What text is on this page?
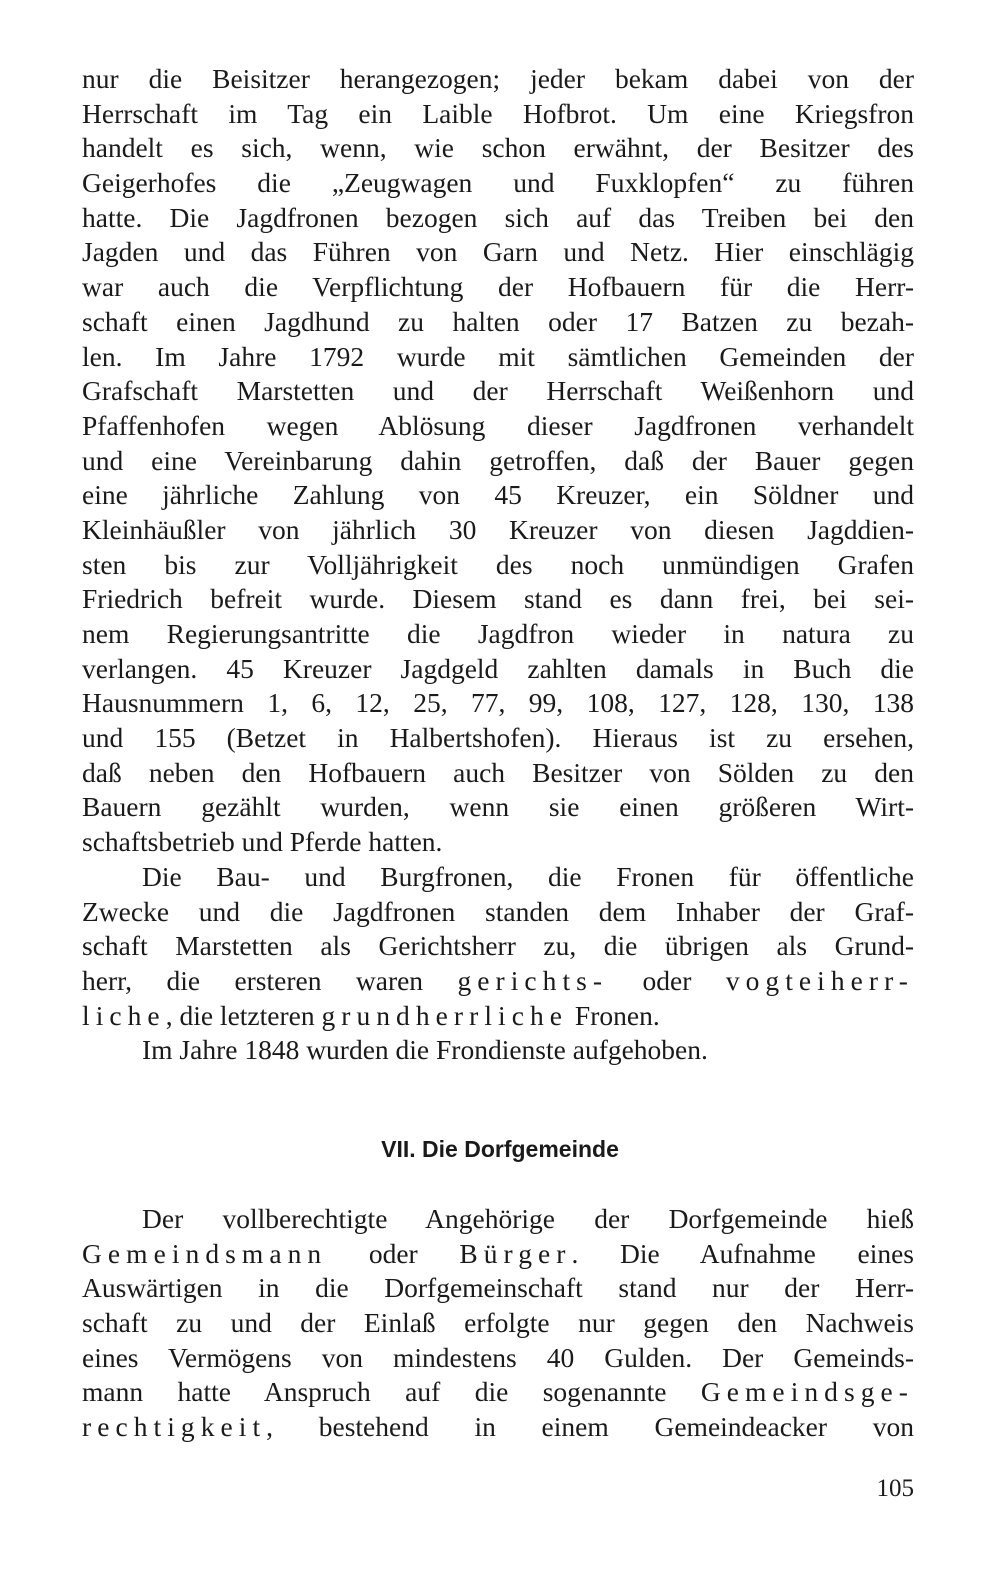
nur die Beisitzer herangezogen; jeder bekam dabei von der
Herrschaft im Tag ein Laible Hofbrot. Um eine Kriegsfron
handelt es sich, wenn, wie schon erwähnt, der Besitzer des
Geigerhofes die „Zeugwagen und Fuxklopfen“ zu führen
hatte. Die Jagdfronen bezogen sich auf das Treiben bei den
Jagden und das Führen von Garn und Netz. Hier einschlägig
war auch die Verpflichtung der Hofbauern für die Herr-
schaft einen Jagdhund zu halten oder 17 Batzen zu bezah-
len. Im Jahre 1792 wurde mit sämtlichen Gemeinden der
Grafschaft Marstetten und der Herrschaft Weißenhorn und
Pfaffenhofen wegen Ablösung dieser Jagdfronen verhandelt
und eine Vereinbarung dahin getroffen, daß der Bauer gegen
eine jährliche Zahlung von 45 Kreuzer, ein Söldner und
Kleinhäußler von jährlich 30 Kreuzer von diesen Jagddien-
sten bis zur Volljährigkeit des noch unmündigen Grafen
Friedrich befreit wurde. Diesem stand es dann frei, bei sei-
nem Regierungsantritte die Jagdfron wieder in natura zu
verlangen. 45 Kreuzer Jagdgeld zahlten damals in Buch die
Hausnummern 1, 6, 12, 25, 77, 99, 108, 127, 128, 130, 138
und 155 (Betzet in Halbertshofen). Hieraus ist zu ersehen,
daß neben den Hofbauern auch Besitzer von Sölden zu den
Bauern gezählt wurden, wenn sie einen größeren Wirt-
schaftsbetrieb und Pferde hatten.
Die Bau- und Burgfronen, die Fronen für öffentliche
Zwecke und die Jagdfronen standen dem Inhaber der Graf-
schaft Marstetten als Gerichtsherr zu, die übrigen als Grund-
herr, die ersteren waren gerichts- oder vogteiherr-
liche, die letzteren grundherrliche Fronen.
Im Jahre 1848 wurden die Frondienste aufgehoben.
VII. Die Dorfgemeinde
Der vollberechtigte Angehörige der Dorfgemeinde hieß
Gemeindsmann oder Bürger. Die Aufnahme eines
Auswärtigen in die Dorfgemeinschaft stand nur der Herr-
schaft zu und der Einlaß erfolgte nur gegen den Nachweis
eines Vermögens von mindestens 40 Gulden. Der Gemeinds-
mann hatte Anspruch auf die sogenannte Gemeindsge-
rechtigkeit, bestehend in einem Gemeindeacker von
105
